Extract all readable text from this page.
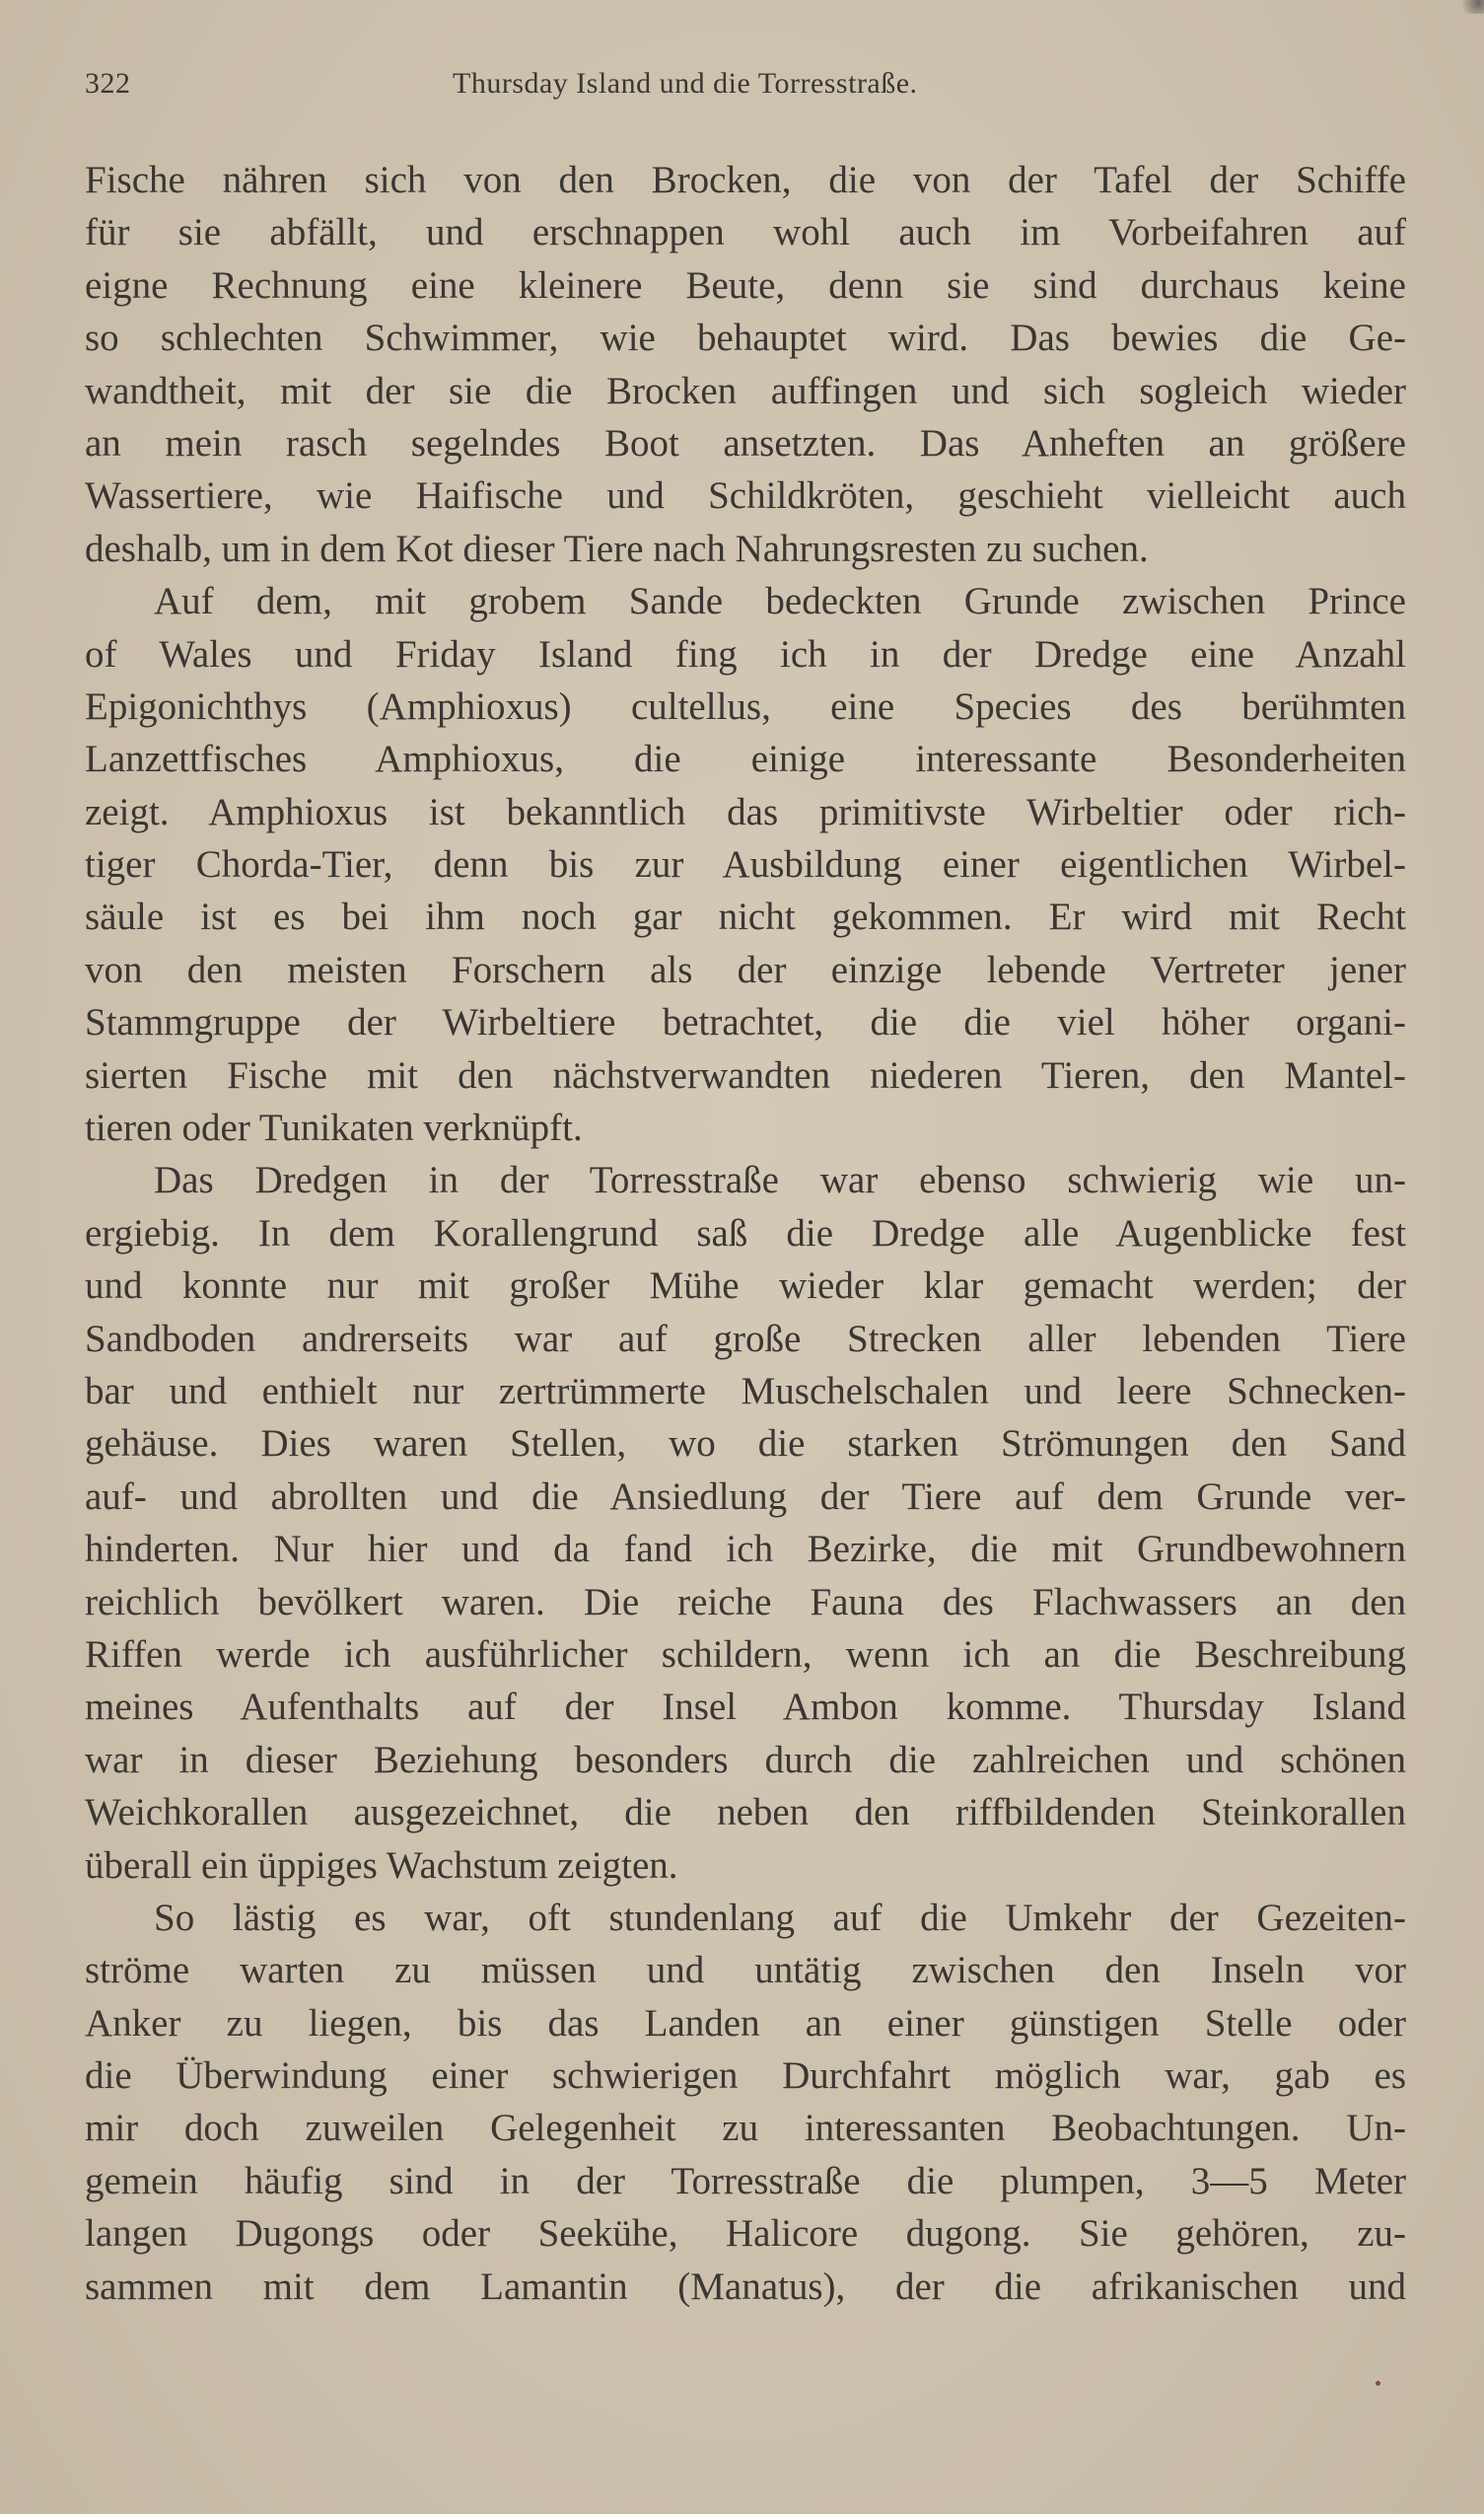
322	Thursday Island und die Torresstraße.
Fische nähren sich von den Brocken, die von der Tafel der Schiffe
für sie abfällt, und erschnappen wohl auch im Vorbeifahren auf
eigne Rechnung eine kleinere Beute, denn sie sind durchaus keine
so schlechten Schwimmer, wie behauptet wird. Das bewies die Ge-
wandtheit, mit der sie die Brocken auffingen und sich sogleich wieder
an mein rasch segelndes Boot ansetzten. Das Anheften an größere
Wassertiere, wie Haifische und Schildkröten, geschieht vielleicht auch
deshalb, um in dem Kot dieser Tiere nach Nahrungsresten zu suchen.
Auf dem, mit grobem Sande bedeckten Grunde zwischen Prince
of Wales und Friday Island fing ich in der Dredge eine Anzahl
Epigonichthys (Amphioxus) cultellus, eine Species des berühmten
Lanzettfisches Amphioxus, die einige interessante Besonderheiten
zeigt. Amphioxus ist bekanntlich das primitivste Wirbeltier oder rich-
tiger Chorda-Tier, denn bis zur Ausbildung einer eigentlichen Wirbel-
säule ist es bei ihm noch gar nicht gekommen. Er wird mit Recht
von den meisten Forschern als der einzige lebende Vertreter jener
Stammgruppe der Wirbeltiere betrachtet, die die viel höher organi-
sierten Fische mit den nächstverwandten niederen Tieren, den Mantel-
tieren oder Tunikaten verknüpft.
Das Dredgen in der Torresstraße war ebenso schwierig wie un-
ergiebig. In dem Korallengrund saß die Dredge alle Augenblicke fest
und konnte nur mit großer Mühe wieder klar gemacht werden; der
Sandboden andrerseits war auf große Strecken aller lebenden Tiere
bar und enthielt nur zertrümmerte Muschelschalen und leere Schnecken-
gehäuse. Dies waren Stellen, wo die starken Strömungen den Sand
auf- und abrollten und die Ansiedlung der Tiere auf dem Grunde ver-
hinderten. Nur hier und da fand ich Bezirke, die mit Grundbewohnern
reichlich bevölkert waren. Die reiche Fauna des Flachwassers an den
Riffen werde ich ausführlicher schildern, wenn ich an die Beschreibung
meines Aufenthalts auf der Insel Ambon komme. Thursday Island
war in dieser Beziehung besonders durch die zahlreichen und schönen
Weichkorallen ausgezeichnet, die neben den riffbildenden Steinkorallen
überall ein üppiges Wachstum zeigten.
So lästig es war, oft stundenlang auf die Umkehr der Gezeiten-
ströme warten zu müssen und untätig zwischen den Inseln vor
Anker zu liegen, bis das Landen an einer günstigen Stelle oder
die Überwindung einer schwierigen Durchfahrt möglich war, gab es
mir doch zuweilen Gelegenheit zu interessanten Beobachtungen. Un-
gemein häufig sind in der Torresstraße die plumpen, 3—5 Meter
langen Dugongs oder Seekühe, Halicore dugong. Sie gehören, zu-
sammen mit dem Lamantin (Manatus), der die afrikanischen und
